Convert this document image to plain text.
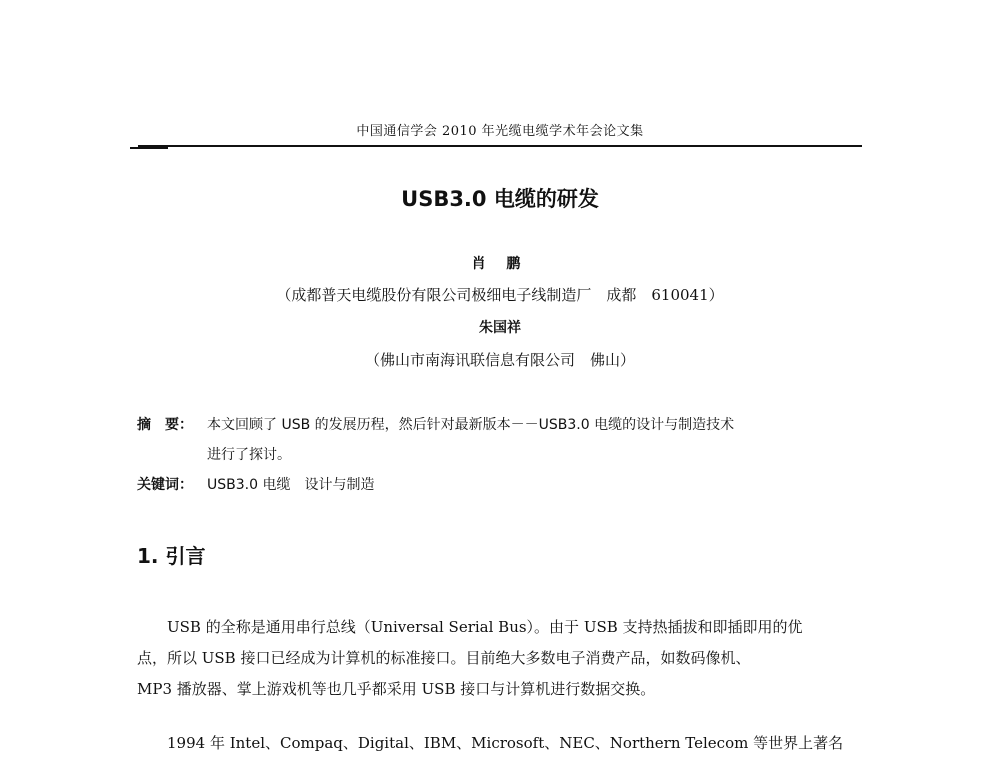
中国通信学会 2010 年光缆电缆学术年会论文集
USB3.0 电缆的研发
肖 鹏
（成都普天电缆股份有限公司极细电子线制造厂　成都　610041）
朱国祥
（佛山市南海讯联信息有限公司　佛山）
摘　要：	本文回顾了 USB 的发展历程，然后针对最新版本－－USB3.0 电缆的设计与制造技术
进行了探讨。
关键词：	USB3.0 电缆　设计与制造
1. 引言
USB 的全称是通用串行总线（Universal Serial Bus）。由于 USB 支持热插拔和即插即用的优
点，所以 USB 接口已经成为计算机的标准接口。目前绝大多数电子消费产品，如数码像机、
MP3 播放器、掌上游戏机等也几乎都采用 USB 接口与计算机进行数据交换。
1994 年 Intel、Compaq、Digital、IBM、Microsoft、NEC、Northern Telecom 等世界上著名
